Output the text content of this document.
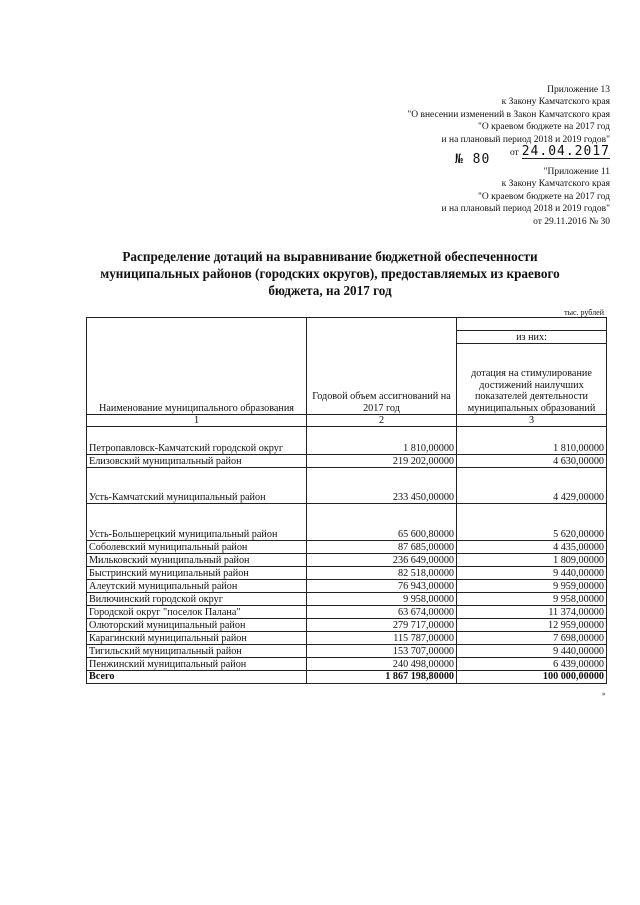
Приложение 13
к Закону Камчатского края
"О внесении изменений в Закон Камчатского края
"О краевом бюджете на 2017 год
и на плановый период 2018 и 2019 годов"
от 24.04.2017
№ 80
"Приложение 11
к Закону Камчатского края
"О краевом бюджете на 2017 год
и на плановый период 2018 и 2019 годов"
от 29.11.2016 № 30
Распределение дотаций на выравнивание бюджетной обеспеченности муниципальных районов (городских округов), предоставляемых из краевого бюджета, на 2017 год
тыс. рублей
Наименование муниципального образования	Годовой объем ассигнований на 2017 год	
		из них:
		дотация на стимулирование достижений наилучших показателей деятельности муниципальных образований
1	2	3
Петропавловск-Камчатский городской округ	1 810,00000	1 810,00000
Елизовский муниципальный район	219 202,00000	4 630,00000
Усть-Камчатский муниципальный район	233 450,00000	4 429,00000
Усть-Большерецкий муниципальный район	65 600,80000	5 620,00000
Соболевский муниципальный район	87 685,00000	4 435,00000
Мильковский муниципальный район	236 649,00000	1 809,00000
Быстринский муниципальный район	82 518,00000	9 440,00000
Алеутский муниципальный район	76 943,00000	9 959,00000
Вилючинский городской округ	9 958,00000	9 958,00000
Городской округ "поселок Палана"	63 674,00000	11 374,00000
Олюторский муниципальный район	279 717,00000	12 959,00000
Карагинский муниципальный район	115 787,00000	7 698,00000
Тигильский муниципальный район	153 707,00000	9 440,00000
Пенжинский муниципальный район	240 498,00000	6 439,00000
Всего	1 867 198,80000	100 000,00000
»
